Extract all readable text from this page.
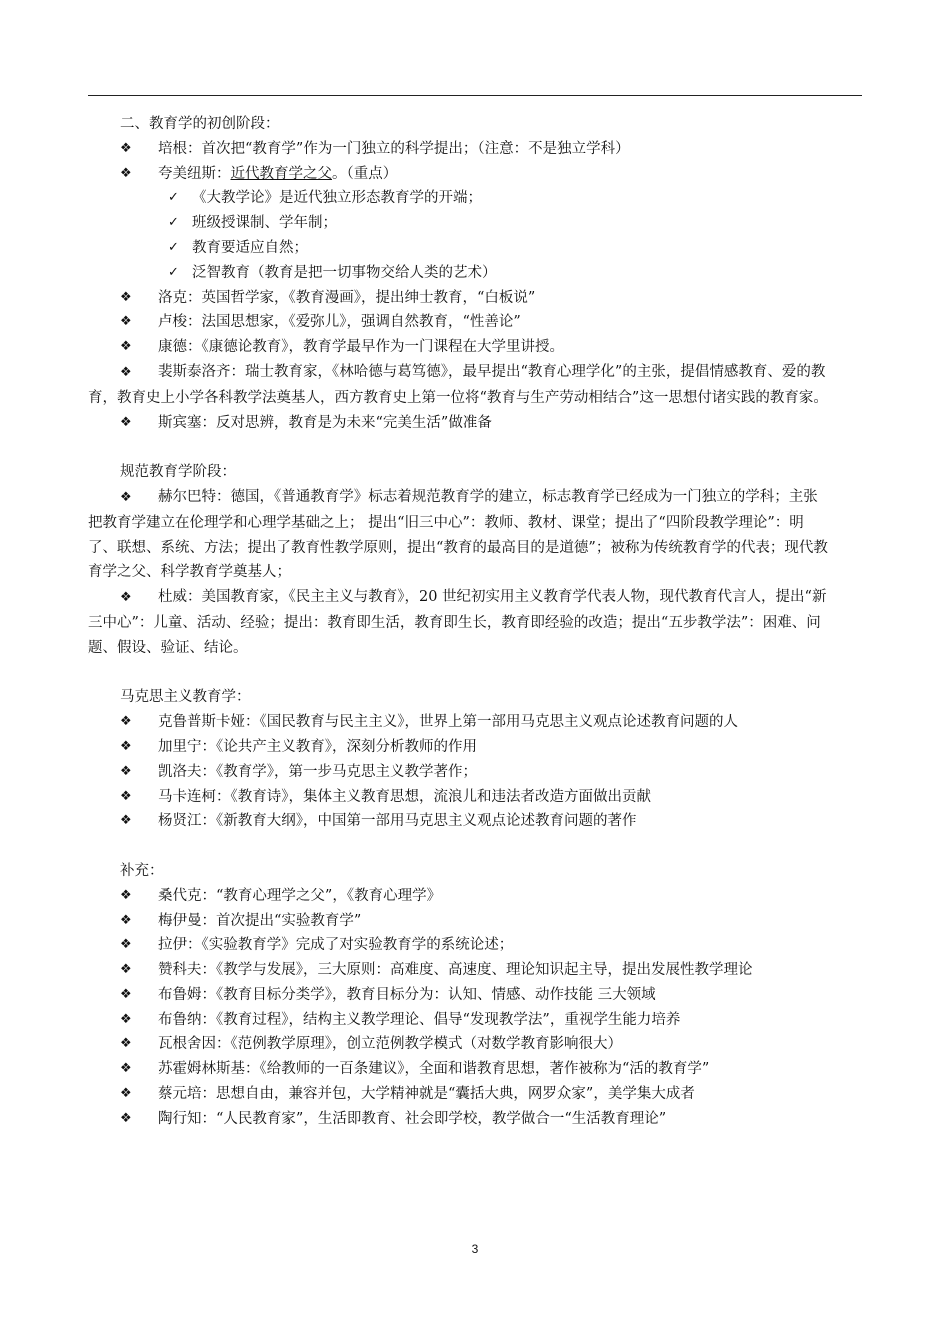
二、教育学的初创阶段：
❖ 培根：首次把“教育学”作为一门独立的科学提出；（注意：不是独立学科）
❖ 夸美纽斯：近代教育学之父。（重点）
✓ 《大教学论》是近代独立形态教育学的开端；
✓ 班级授课制、学年制；
✓ 教育要适应自然；
✓ 泛智教育（教育是把一切事物交给人类的艺术）
❖ 洛克：英国哲学家，《教育漫画》，提出绅士教育，“白板说”
❖ 卢梭：法国思想家，《爱弥儿》，强调自然教育，“性善论”
❖ 康德：《康德论教育》，教育学最早作为一门课程在大学里讲授。
❖ 裴斯泰洛齐：瑞士教育家，《林哈德与葛笃德》，最早提出“教育心理学化”的主张，提倡情感教育、爱的教育，教育史上小学各科教学法奠基人，西方教育史上第一位将“教育与生产劳动相结合”这一思想付诸实践的教育家。
❖ 斯宾塞：反对思辨，教育是为未来“完美生活”做准备
规范教育学阶段：
❖ 赫尔巴特：德国，《普通教育学》标志着规范教育学的建立，标志教育学已经成为一门独立的学科；主张把教育学建立在伦理学和心理学基础之上； 提出“旧三中心”：教师、教材、课堂；提出了“四阶段教学理论”：明了、联想、系统、方法；提出了教育性教学原则，提出“教育的最高目的是道德”；被称为传统教育学的代表；现代教育学之父、科学教育学奠基人；
❖ 杜威：美国教育家，《民主主义与教育》，20 世纪初实用主义教育学代表人物，现代教育代言人，提出“新三中心”：儿童、活动、经验；提出：教育即生活，教育即生长，教育即经验的改造；提出“五步教学法”：困难、问题、假设、验证、结论。
马克思主义教育学：
❖ 克鲁普斯卡娅：《国民教育与民主主义》，世界上第一部用马克思主义观点论述教育问题的人
❖ 加里宁：《论共产主义教育》，深刻分析教师的作用
❖ 凯洛夫：《教育学》，第一步马克思主义教学著作；
❖ 马卡连柯：《教育诗》，集体主义教育思想，流浪儿和违法者改造方面做出贡献
❖ 杨贤江：《新教育大纲》，中国第一部用马克思主义观点论述教育问题的著作
补充：
❖ 桑代克：“教育心理学之父”，《教育心理学》
❖ 梅伊曼：首次提出“实验教育学”
❖ 拉伊：《实验教育学》完成了对实验教育学的系统论述；
❖ 赞科夫：《教学与发展》，三大原则：高难度、高速度、理论知识起主导，提出发展性教学理论
❖ 布鲁姆：《教育目标分类学》，教育目标分为：认知、情感、动作技能 三大领域
❖ 布鲁纳：《教育过程》，结构主义教学理论、倡导“发现教学法”，重视学生能力培养
❖ 瓦根舍因：《范例教学原理》，创立范例教学模式（对数学教育影响很大）
❖ 苏霍姆林斯基：《给教师的一百条建议》，全面和谐教育思想，著作被称为“活的教育学”
❖ 蔡元培：思想自由，兼容并包，大学精神就是“囊括大典，网罗众家”，美学集大成者
❖ 陶行知：“人民教育家”，生活即教育、社会即学校，教学做合一“生活教育理论”
3
